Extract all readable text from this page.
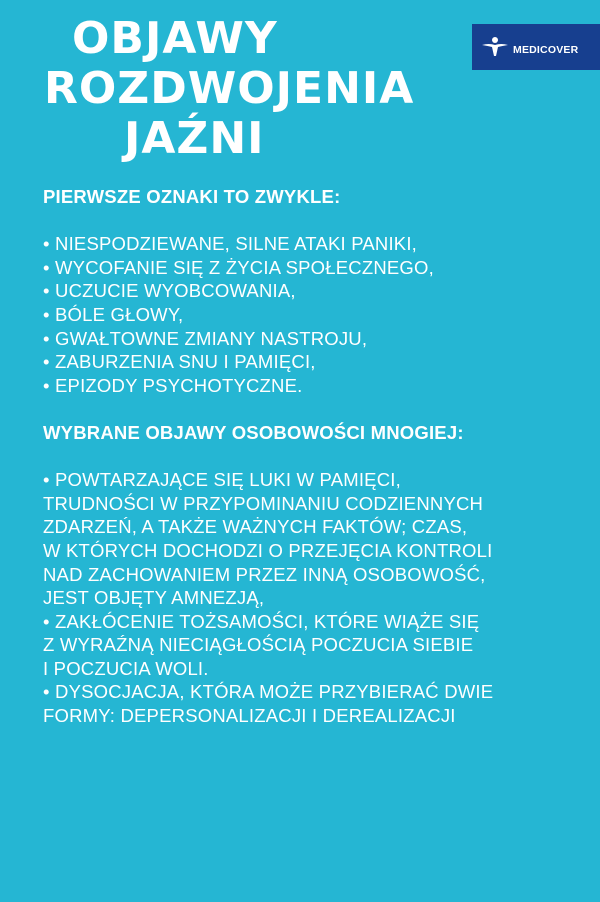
OBJAWY
ROZDWOJENIA
JAŹNI
MEDICOVER

PIERWSZE OZNAKI TO ZWYKLE:

• NIESPODZIEWANE, SILNE ATAKI PANIKI,
• WYCOFANIE SIĘ Z ŻYCIA SPOŁECZNEGO,
• UCZUCIE WYOBCOWANIA,
• BÓLE GŁOWY,
• GWAŁTOWNE ZMIANY NASTROJU,
• ZABURZENIA SNU I PAMIĘCI,
• EPIZODY PSYCHOTYCZNE.

WYBRANE OBJAWY OSOBOWOŚCI MNOGIEJ:

• POWTARZAJĄCE SIĘ LUKI W PAMIĘCI,
TRUDNOŚCI W PRZYPOMINANIU CODZIENNYCH
ZDARZEŃ, A TAKŻE WAŻNYCH FAKTÓW; CZAS,
W KTÓRYCH DOCHODZI O PRZEJĘCIA KONTROLI
NAD ZACHOWANIEM PRZEZ INNĄ OSOBOWOŚĆ,
JEST OBJĘTY AMNEZJĄ,
• ZAKŁÓCENIE TOŻSAMOŚCI, KTÓRE WIĄŻE SIĘ
Z WYRAŹNĄ NIECIĄGŁOŚCIĄ POCZUCIA SIEBIE
I POCZUCIA WOLI.
• DYSOCJACJA, KTÓRA MOŻE PRZYBIERAĆ DWIE
FORMY: DEPERSONALIZACJI I DEREALIZACJI
